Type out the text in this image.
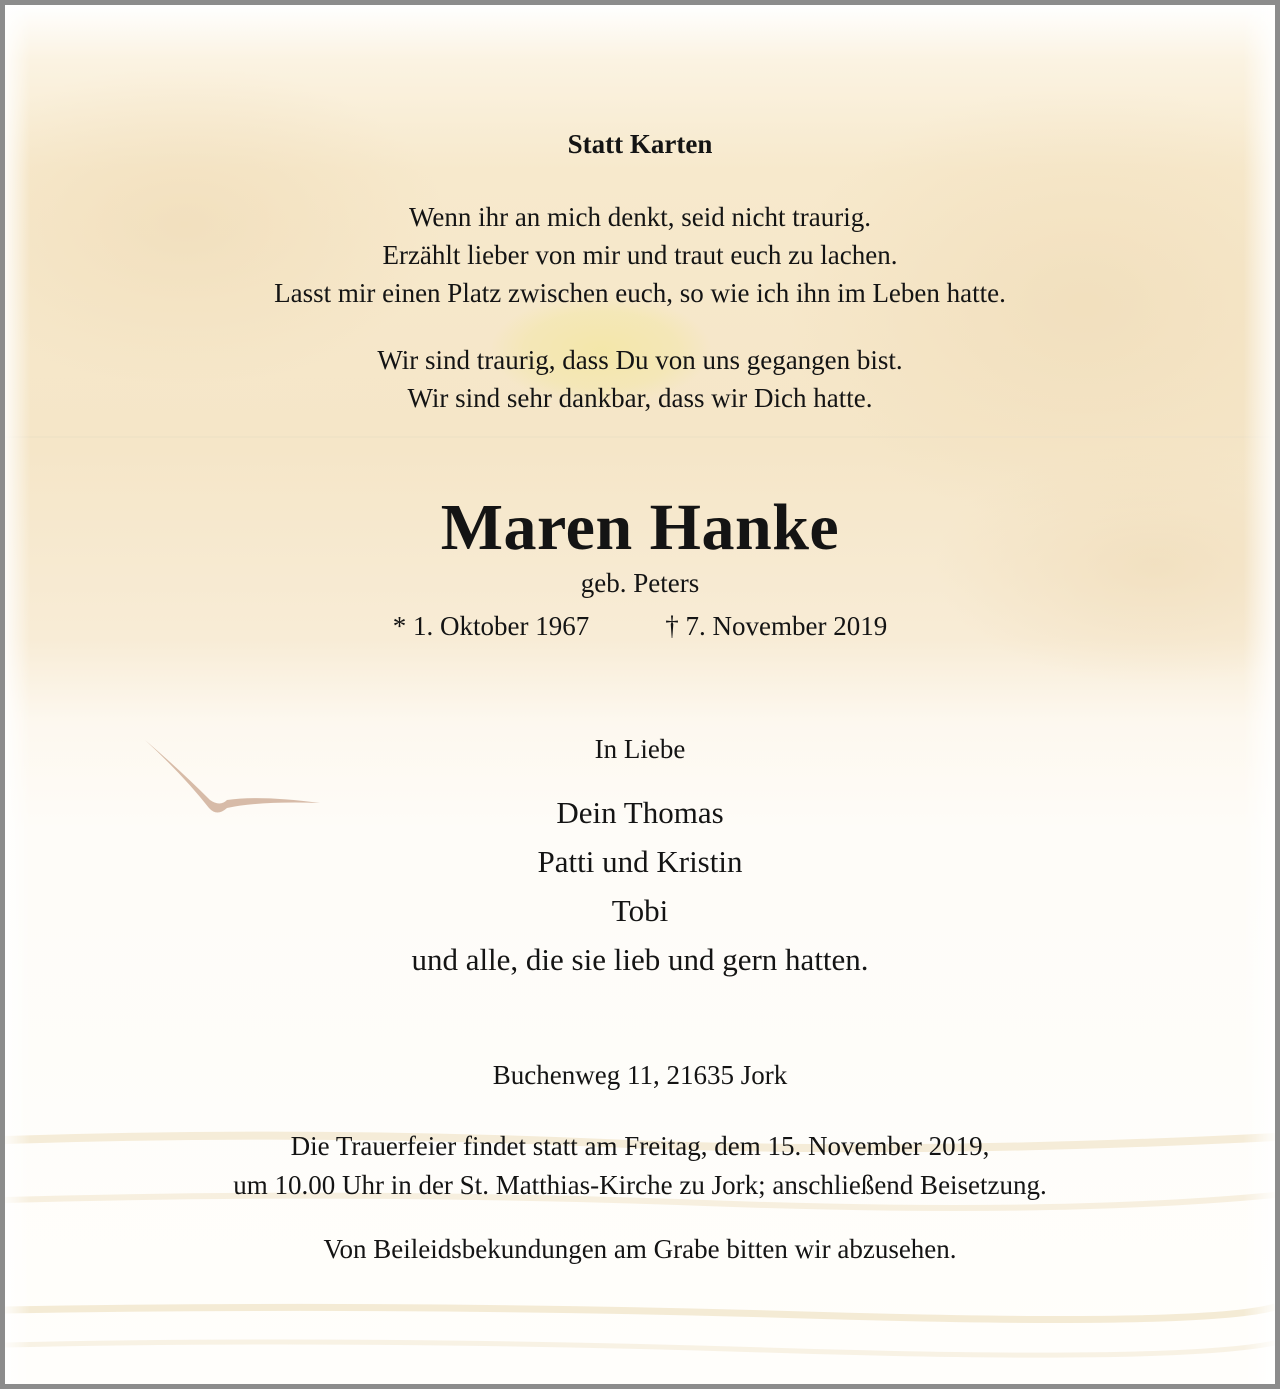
Statt Karten
Wenn ihr an mich denkt, seid nicht traurig.
Erzählt lieber von mir und traut euch zu lachen.
Lasst mir einen Platz zwischen euch, so wie ich ihn im Leben hatte.
Wir sind traurig, dass Du von uns gegangen bist.
Wir sind sehr dankbar, dass wir Dich hatte.
Maren Hanke
geb. Peters
* 1. Oktober 1967	† 7. November 2019
In Liebe
Dein Thomas
Patti und Kristin
Tobi
und alle, die sie lieb und gern hatten.
Buchenweg 11, 21635 Jork
Die Trauerfeier findet statt am Freitag, dem 15. November 2019,
um 10.00 Uhr in der St. Matthias-Kirche zu Jork; anschließend Beisetzung.
Von Beileidsbekundungen am Grabe bitten wir abzusehen.
